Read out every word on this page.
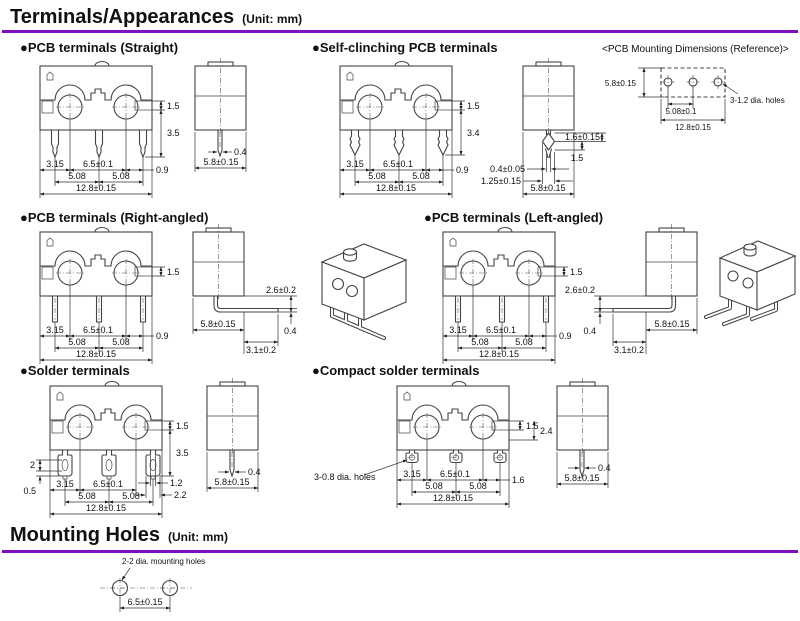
Terminals/Appearances (Unit: mm)
●PCB terminals (Straight)	●Self-clinching PCB terminals	<PCB Mounting Dimensions (Reference)>
●PCB terminals (Right-angled)	●PCB terminals (Left-angled)
●Solder terminals	●Compact solder terminals
1.5
3.5
3.15 6.5±0.1
0.9
5.08	5.08
12.8±0.15
0.4
5.8±0.15
1.5
3.4
3.15 6.5±0.1
0.9
5.08	5.08
12.8±0.15
1.6±0.15
1.5
0.4±0.05
1.25±0.15
5.8±0.15
5.8±0.15
5.08±0.1
12.8±0.15
3-1.2 dia. holes
1.5
3.15 6.5±0.1
0.9
5.08	5.08
12.8±0.15
2.6±0.2
0.4
5.8±0.15
3.1±0.2
1.5
3.15 6.5±0.1
0.9
5.08	5.08
12.8±0.15
2.6±0.2
0.4
5.8±0.15
3.1±0.2
1.5
3.5
2
0.5
1.2
2.2
3.15 6.5±0.1
5.08	5.08
12.8±0.15
0.4
5.8±0.15
1.5 2.4
3.15 6.5±0.1
1.6
5.08	5.08
12.8±0.15
3-0.8 dia. holes
0.4
5.8±0.15
Mounting Holes (Unit: mm)
2-2 dia. mounting holes
6.5±0.15
